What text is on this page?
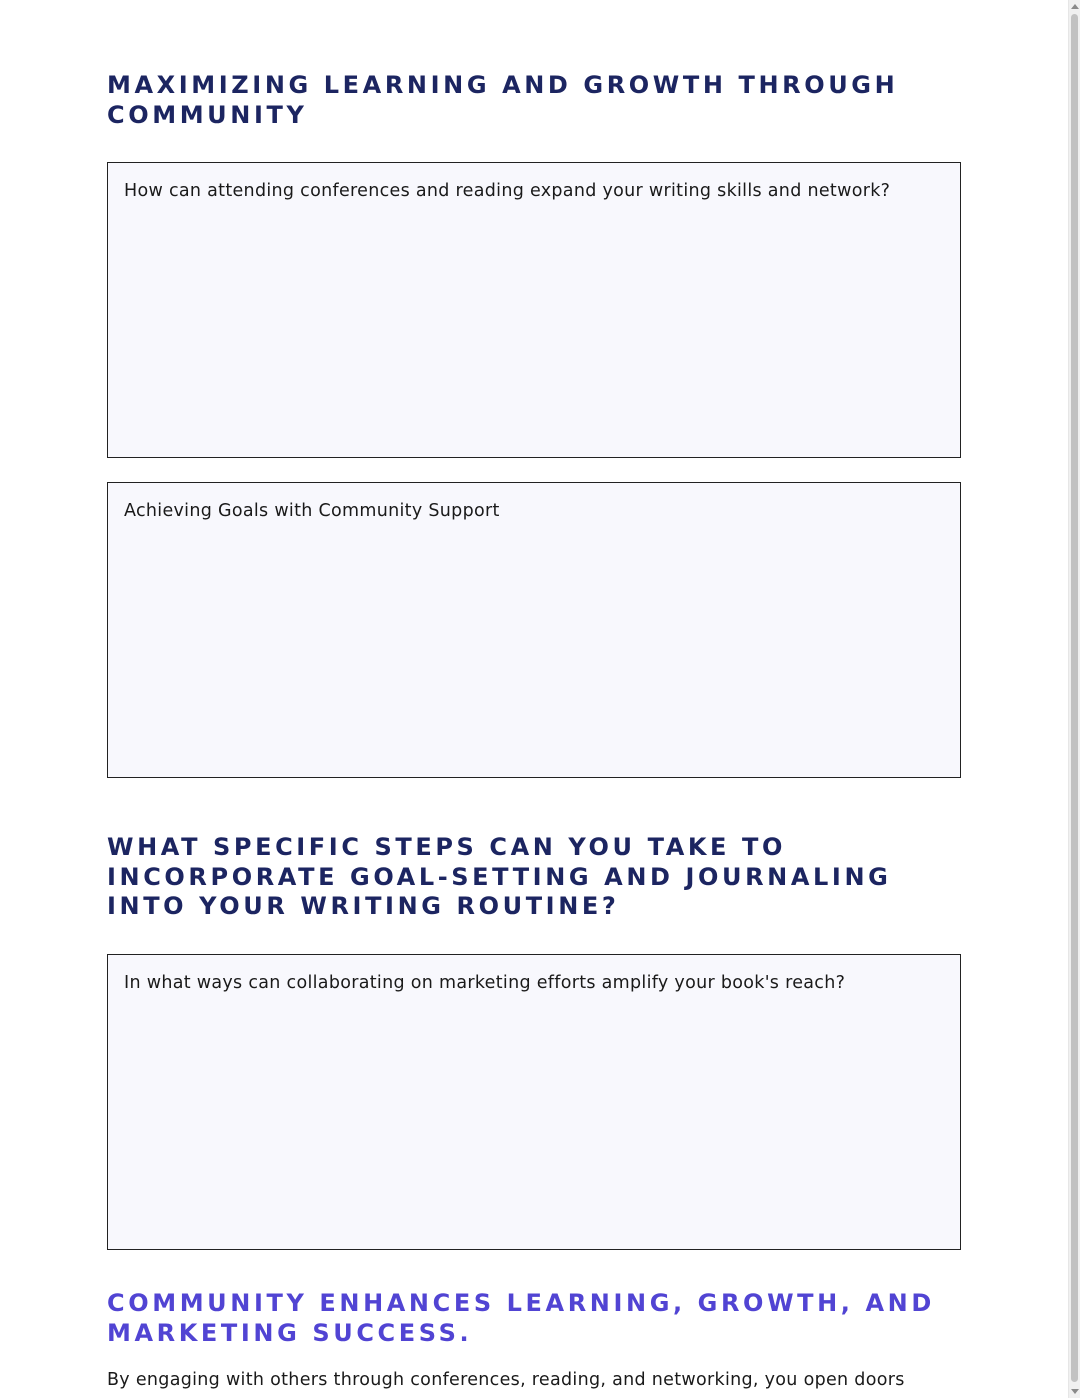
MAXIMIZING LEARNING AND GROWTH THROUGH COMMUNITY
How can attending conferences and reading expand your writing skills and network?
Achieving Goals with Community Support
WHAT SPECIFIC STEPS CAN YOU TAKE TO INCORPORATE GOAL-SETTING AND JOURNALING INTO YOUR WRITING ROUTINE?
In what ways can collaborating on marketing efforts amplify your book's reach?
COMMUNITY ENHANCES LEARNING, GROWTH, AND MARKETING SUCCESS.

By engaging with others through conferences, reading, and networking, you open doors
